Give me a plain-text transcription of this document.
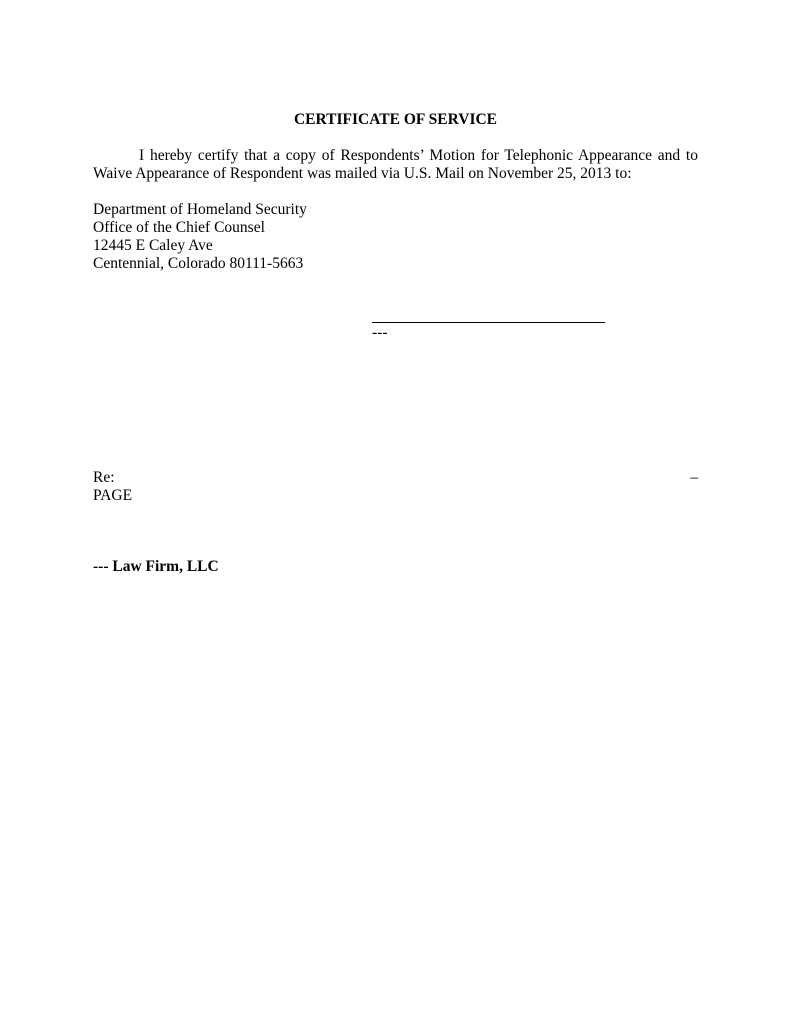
CERTIFICATE OF SERVICE
I hereby certify that a copy of Respondents’ Motion for Telephonic Appearance and to Waive Appearance of Respondent was mailed via U.S. Mail on November 25, 2013 to:
Department of Homeland Security
Office of the Chief Counsel
12445 E Caley Ave
Centennial, Colorado 80111-5663
---
Re:	–
PAGE
--- Law Firm, LLC
